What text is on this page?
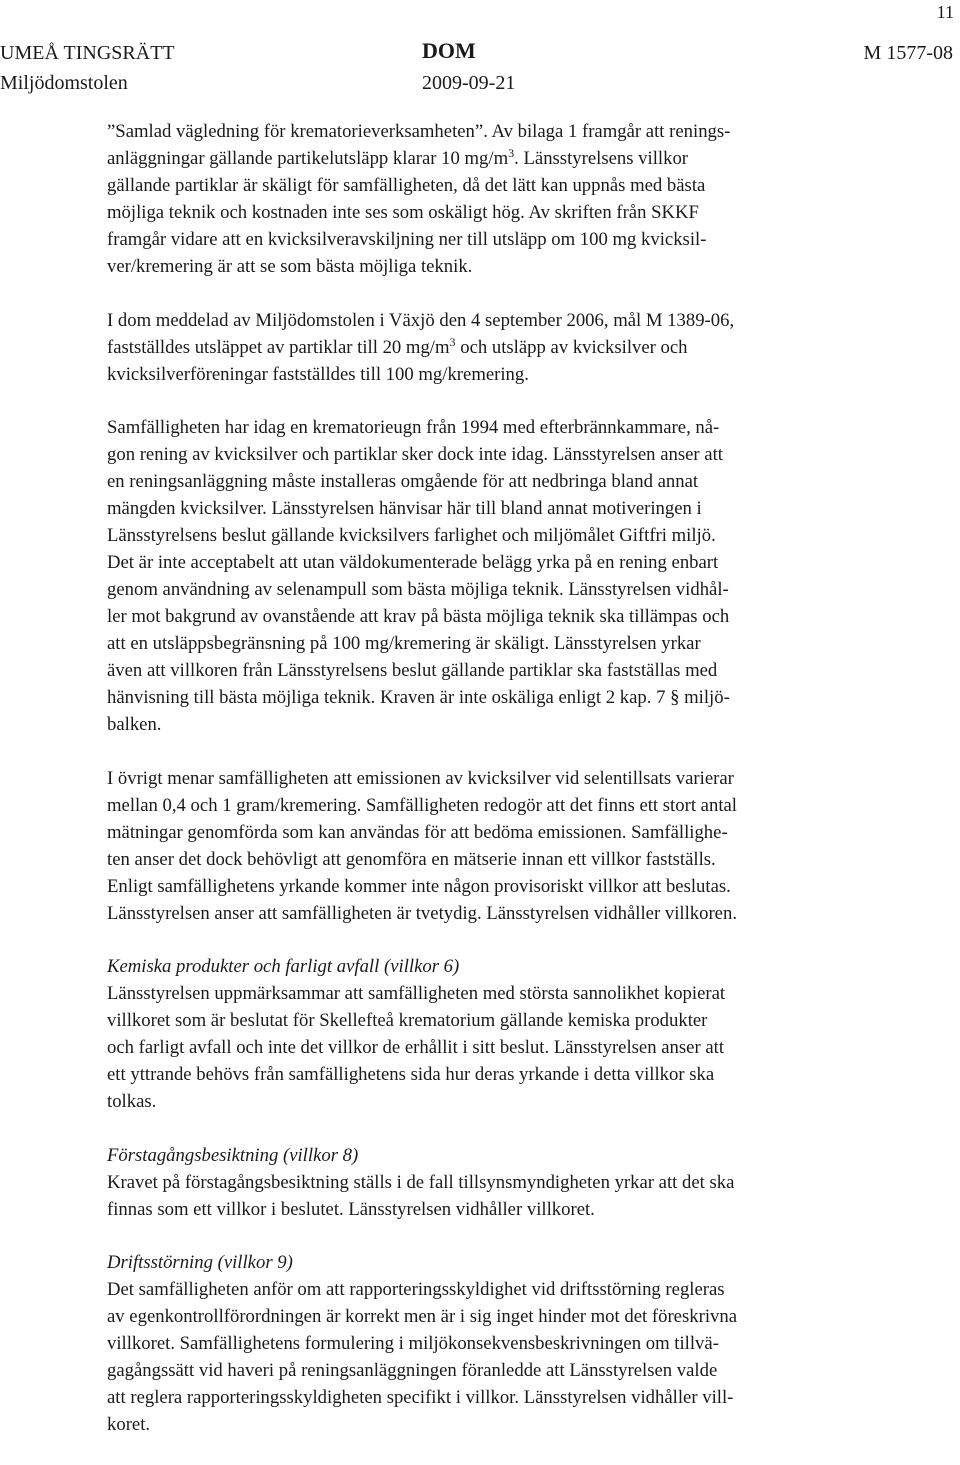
11
UMEÅ TINGSRÄTT
Miljödomstolen
DOM
2009-09-21
M 1577-08

”Samlad vägledning för krematorieverksamheten”. Av bilaga 1 framgår att renings-
anläggningar gällande partikelutsläpp klarar 10 $mg/m^3$. Länsstyrelsens villkor
gällande partiklar är skäligt för samfälligheten, då det lätt kan uppnås med bästa
möjliga teknik och kostnaden inte ses som oskäligt hög. Av skriften från SKKF
framgår vidare att en kvicksilveravskiljning ner till utsläpp om 100 mg kvicksil-
ver/kremering är att se som bästa möjliga teknik.

I dom meddelad av Miljödomstolen i Växjö den 4 september 2006, mål M 1389-06,
fastställdes utsläppet av partiklar till 20 $mg/m^3$ och utsläpp av kvicksilver och
kvicksilverföreningar fastställdes till 100 mg/kremering.

Samfälligheten har idag en krematorieugn från 1994 med efterbrännkammare, nå-
gon rening av kvicksilver och partiklar sker dock inte idag. Länsstyrelsen anser att
en reningsanläggning måste installeras omgående för att nedbringa bland annat
mängden kvicksilver. Länsstyrelsen hänvisar här till bland annat motiveringen i
Länsstyrelsens beslut gällande kvicksilvers farlighet och miljömålet Giftfri miljö.
Det är inte acceptabelt att utan väldokumenterade belägg yrka på en rening enbart
genom användning av selenampull som bästa möjliga teknik. Länsstyrelsen vidhål-
ler mot bakgrund av ovanstående att krav på bästa möjliga teknik ska tillämpas och
att en utsläppsbegränsning på 100 mg/kremering är skäligt. Länsstyrelsen yrkar
även att villkoren från Länsstyrelsens beslut gällande partiklar ska fastställas med
hänvisning till bästa möjliga teknik. Kraven är inte oskäliga enligt 2 kap. 7 § miljö-
balken.

I övrigt menar samfälligheten att emissionen av kvicksilver vid selentillsats varierar
mellan 0,4 och 1 gram/kremering. Samfälligheten redogör att det finns ett stort antal
mätningar genomförda som kan användas för att bedöma emissionen. Samfällighe-
ten anser det dock behövligt att genomföra en mätserie innan ett villkor fastställs.
Enligt samfällighetens yrkande kommer inte någon provisoriskt villkor att beslutas.
Länsstyrelsen anser att samfälligheten är tvetydig. Länsstyrelsen vidhåller villkoren.

Kemiska produkter och farligt avfall (villkor 6)
Länsstyrelsen uppmärksammar att samfälligheten med största sannolikhet kopierat
villkoret som är beslutat för Skellefteå krematorium gällande kemiska produkter
och farligt avfall och inte det villkor de erhållit i sitt beslut. Länsstyrelsen anser att
ett yttrande behövs från samfällighetens sida hur deras yrkande i detta villkor ska
tolkas.

Förstagångsbesiktning (villkor 8)
Kravet på förstagångsbesiktning ställs i de fall tillsynsmyndigheten yrkar att det ska
finnas som ett villkor i beslutet. Länsstyrelsen vidhåller villkoret.

Driftsstörning (villkor 9)
Det samfälligheten anför om att rapporteringsskyldighet vid driftsstörning regleras
av egenkontrollförordningen är korrekt men är i sig inget hinder mot det föreskrivna
villkoret. Samfällighetens formulering i miljökonsekvensbeskrivningen om tillvä-
gagångssätt vid haveri på reningsanläggningen föranledde att Länsstyrelsen valde
att reglera rapporteringsskyldigheten specifikt i villkor. Länsstyrelsen vidhåller vill-
koret.
